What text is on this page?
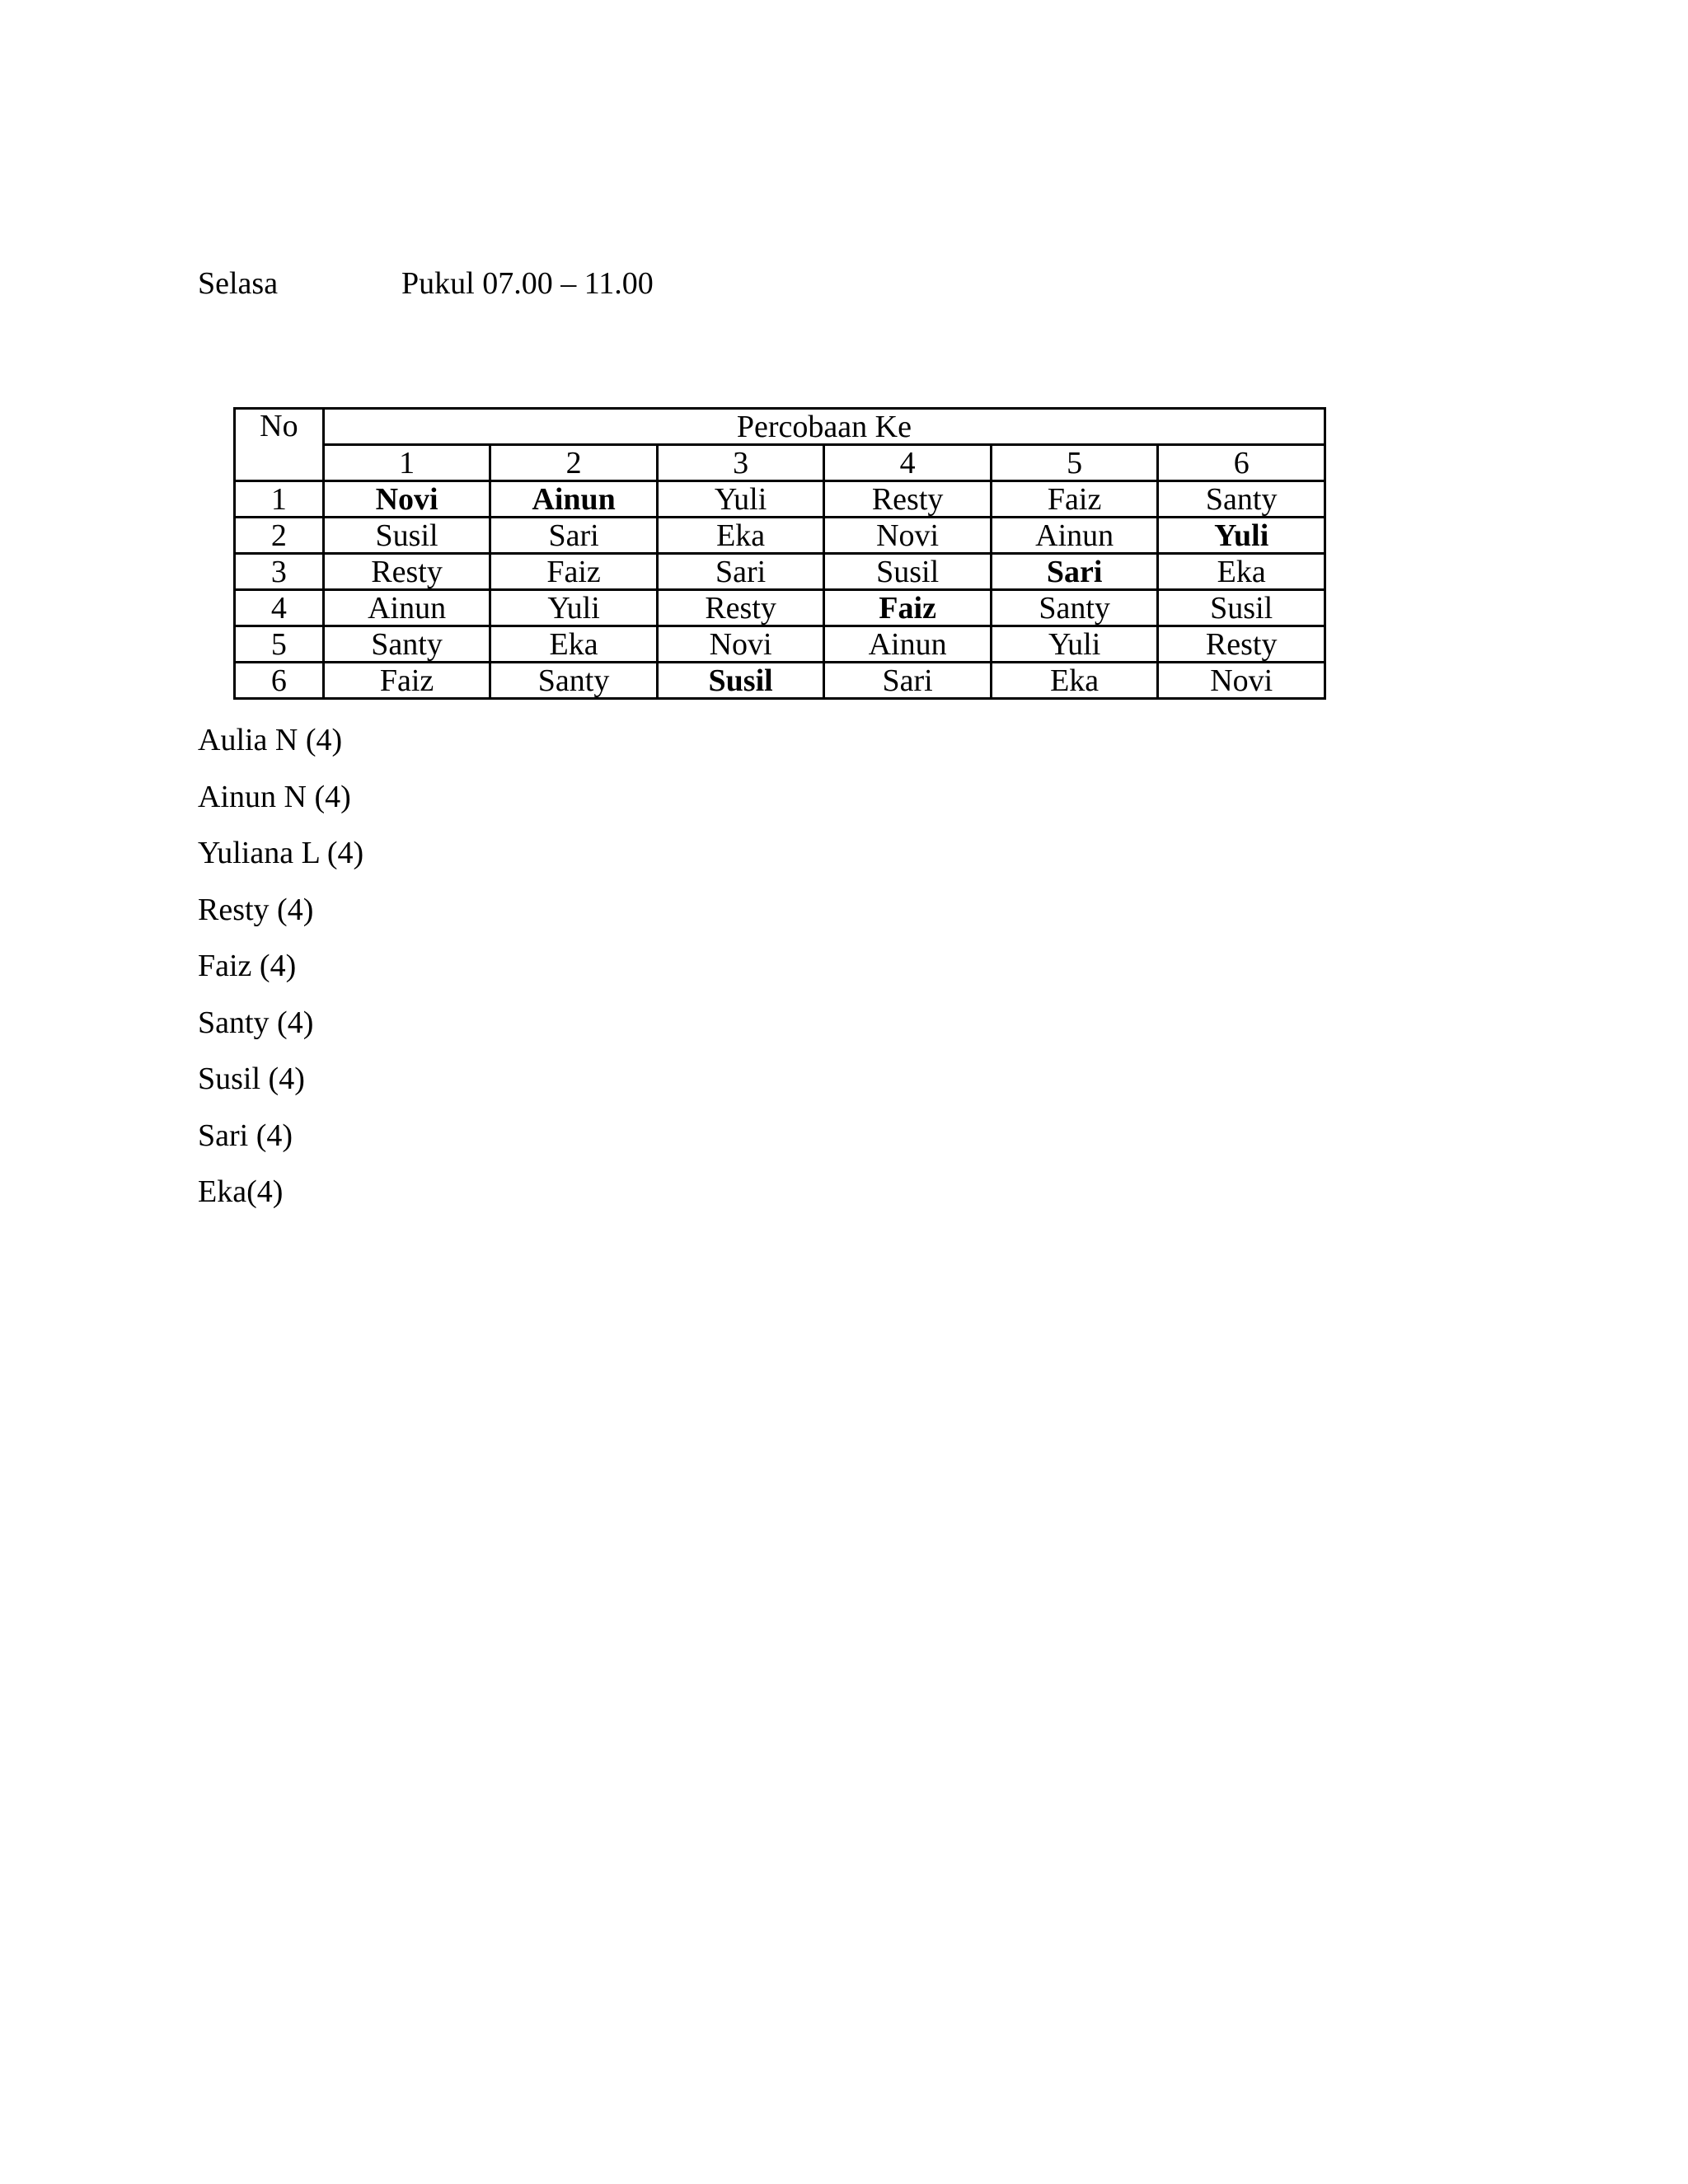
Selasa	Pukul 07.00 – 11.00
No	Percobaan Ke					
	1	2	3	4	5	6
1	Novi	Ainun	Yuli	Resty	Faiz	Santy
2	Susil	Sari	Eka	Novi	Ainun	Yuli
3	Resty	Faiz	Sari	Susil	Sari	Eka
4	Ainun	Yuli	Resty	Faiz	Santy	Susil
5	Santy	Eka	Novi	Ainun	Yuli	Resty
6	Faiz	Santy	Susil	Sari	Eka	Novi
Aulia N (4)
Ainun N (4)
Yuliana L (4)
Resty (4)
Faiz (4)
Santy (4)
Susil (4)
Sari (4)
Eka(4)
